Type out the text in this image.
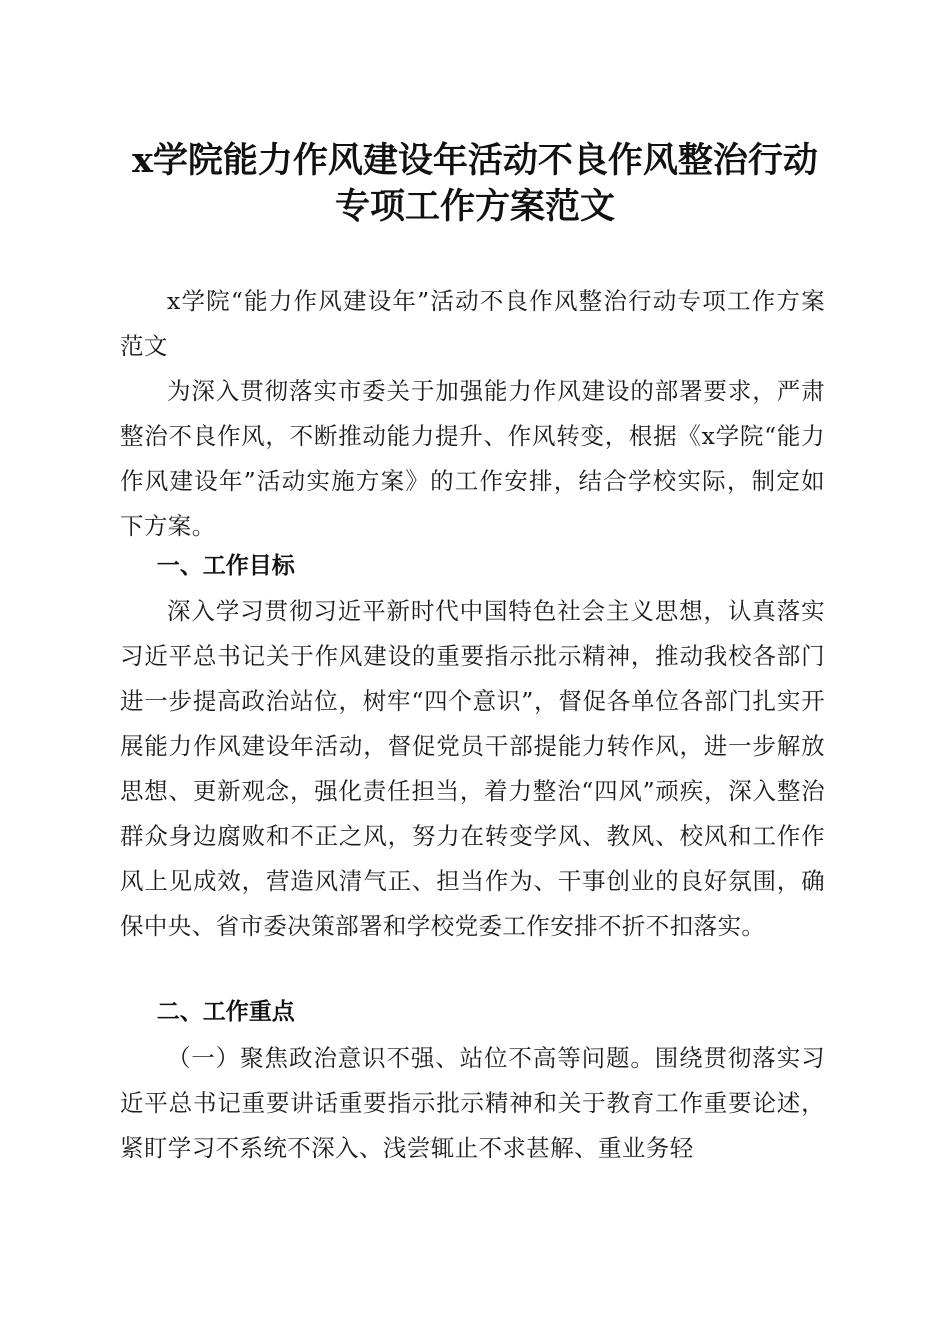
x学院能力作风建设年活动不良作风整治行动
专项工作方案范文

x学院“能力作风建设年”活动不良作风整治行动专项工作方案范文

为深入贯彻落实市委关于加强能力作风建设的部署要求，严肃整治不良作风，不断推动能力提升、作风转变，根据《x学院“能力作风建设年”活动实施方案》的工作安排，结合学校实际，制定如下方案。

一、工作目标

深入学习贯彻习近平新时代中国特色社会主义思想，认真落实习近平总书记关于作风建设的重要指示批示精神，推动我校各部门进一步提高政治站位，树牢“四个意识”，督促各单位各部门扎实开展能力作风建设年活动，督促党员干部提能力转作风，进一步解放思想、更新观念，强化责任担当，着力整治“四风”顽疾，深入整治群众身边腐败和不正之风，努力在转变学风、教风、校风和工作作风上见成效，营造风清气正、担当作为、干事创业的良好氛围，确保中央、省市委决策部署和学校党委工作安排不折不扣落实。

二、工作重点

（一）聚焦政治意识不强、站位不高等问题。围绕贯彻落实习近平总书记重要讲话重要指示批示精神和关于教育工作重要论述，紧盯学习不系统不深入、浅尝辄止不求甚解、重业务轻
